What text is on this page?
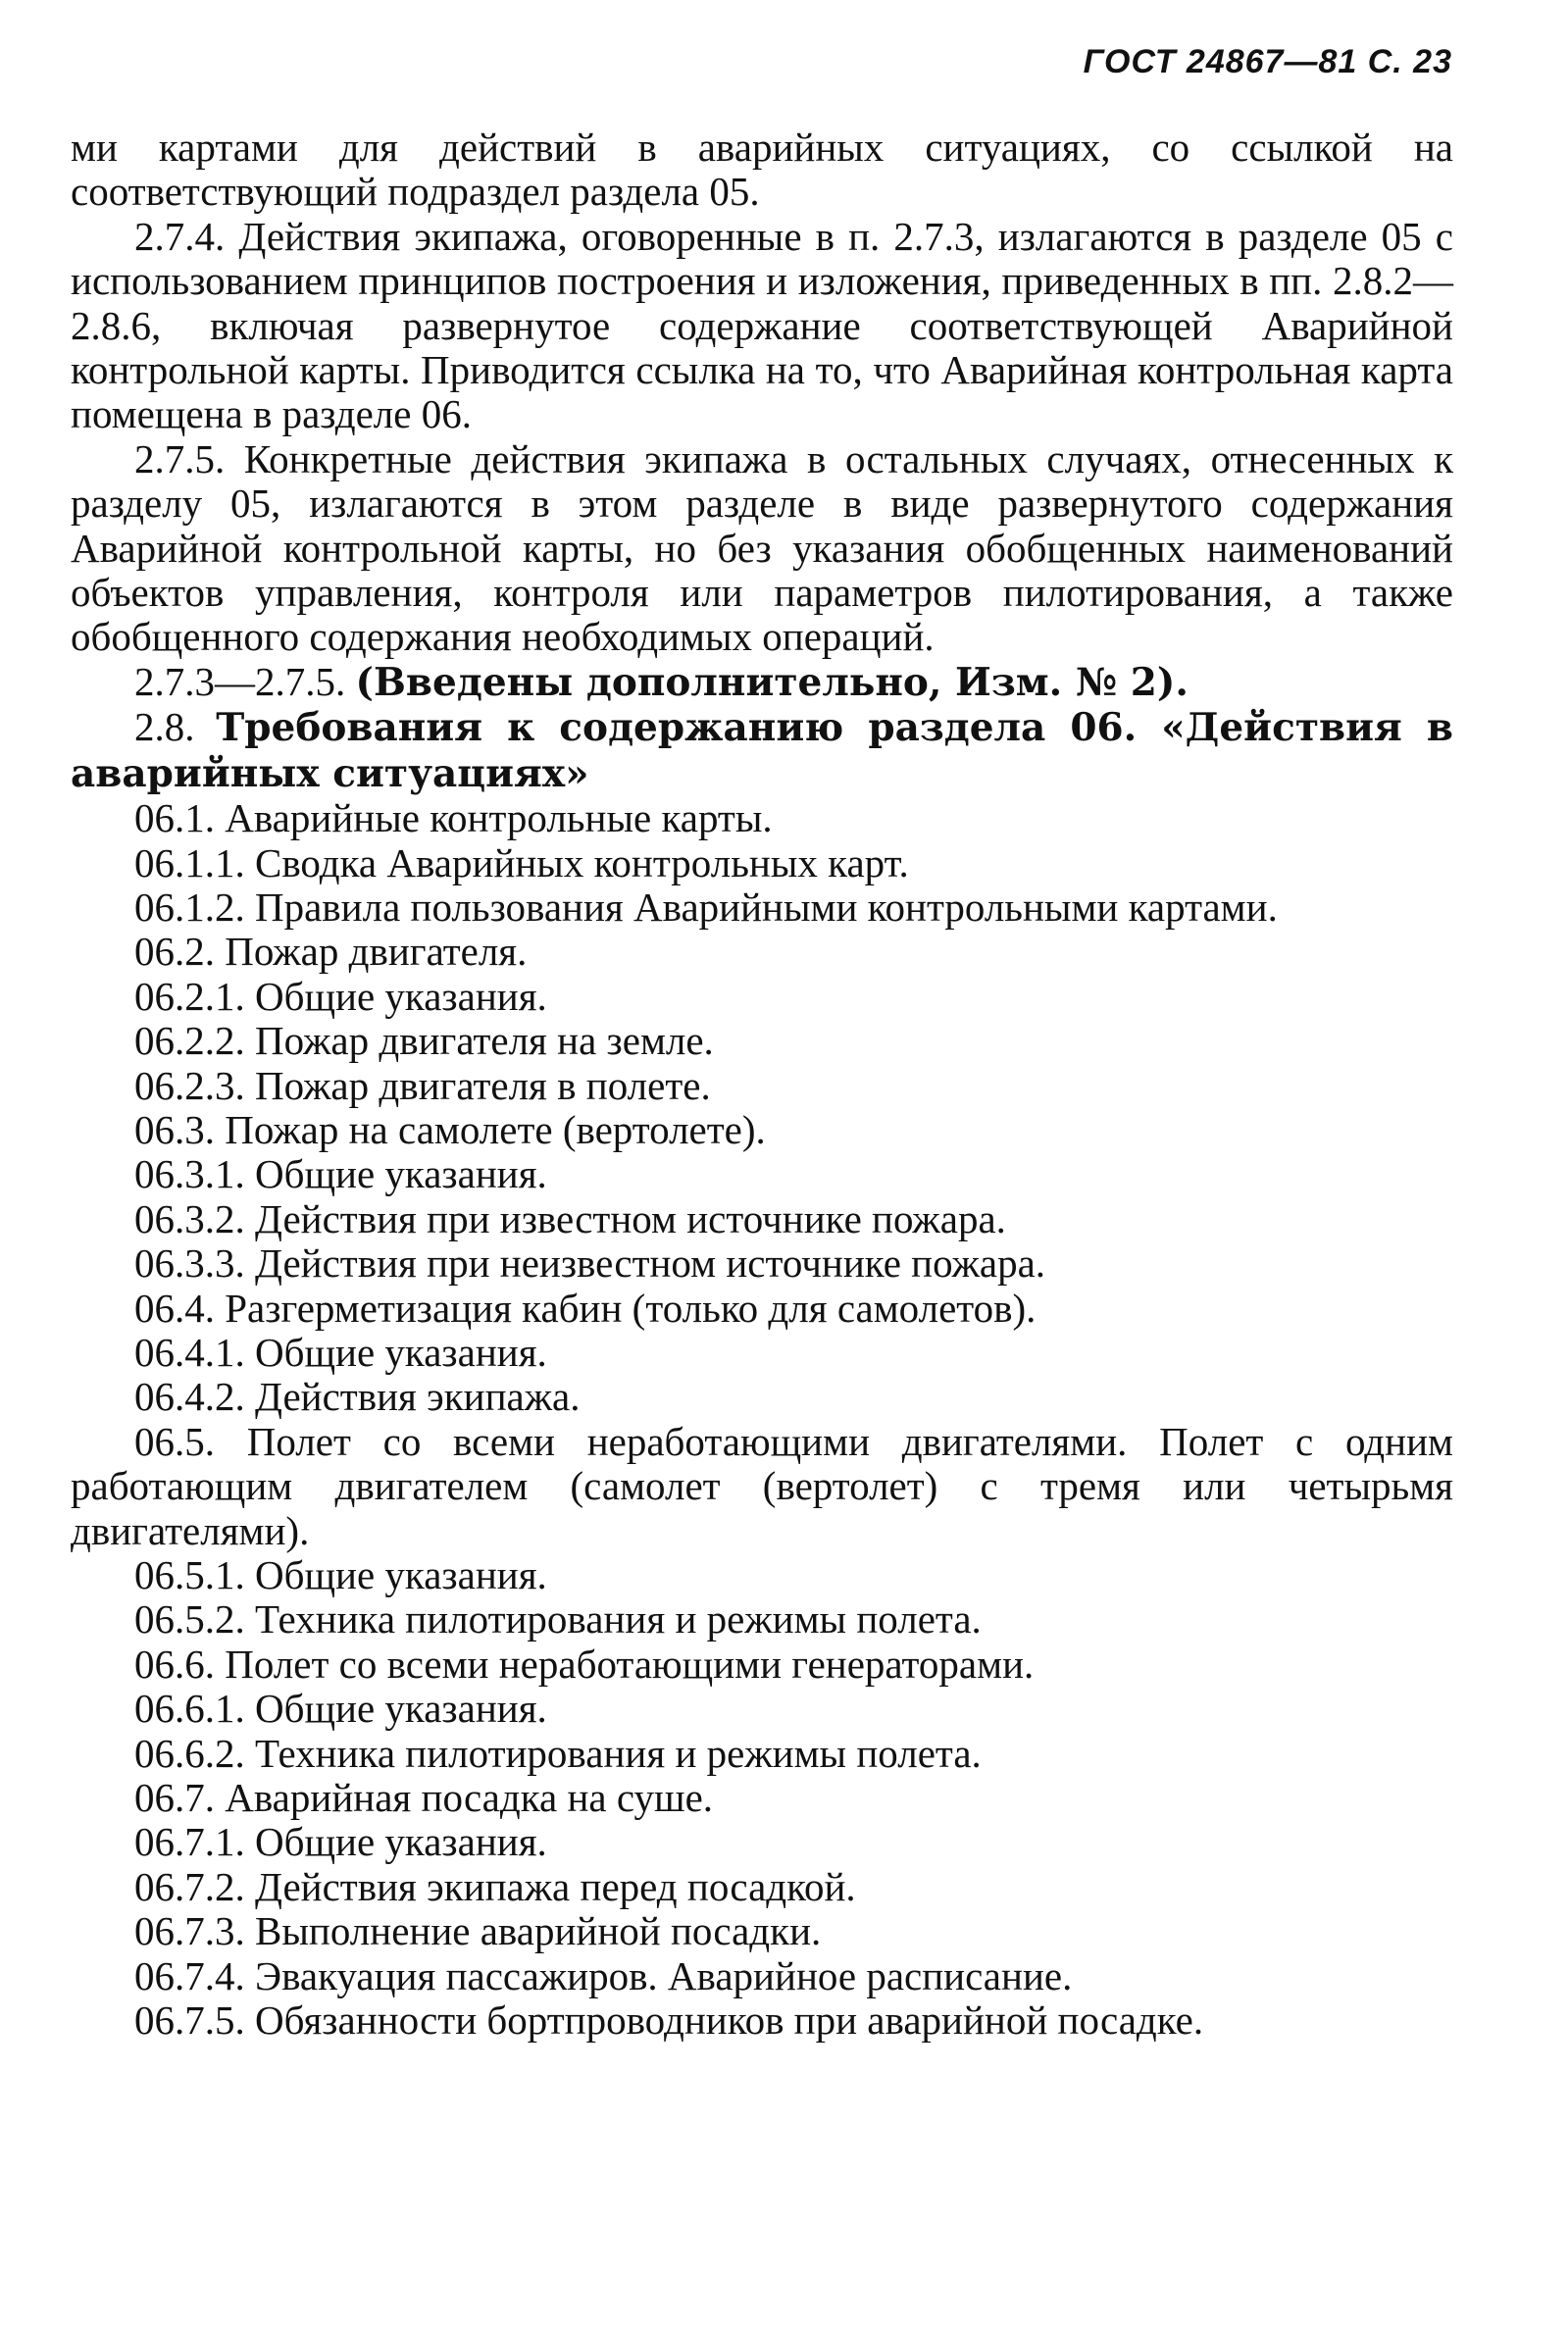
ГОСТ 24867—81 С. 23

ми картами для действий в аварийных ситуациях, со ссылкой на соответствующий подраздел раздела 05.

2.7.4. Действия экипажа, оговоренные в п. 2.7.3, излагаются в разделе 05 с использованием принципов построения и изложения, приведенных в пп. 2.8.2—2.8.6, включая развернутое содержание соответствующей Аварийной контрольной карты. Приводится ссылка на то, что Аварийная контрольная карта помещена в разделе 06.

2.7.5. Конкретные действия экипажа в остальных случаях, отнесенных к разделу 05, излагаются в этом разделе в виде развернутого содержания Аварийной контрольной карты, но без указания обобщенных наименований объектов управления, контроля или параметров пилотирования, а также обобщенного содержания необходимых операций.

2.7.3—2.7.5. (Введены дополнительно, Изм. № 2).

2.8. Требования к содержанию раздела 06. «Действия в аварийных ситуациях»

06.1. Аварийные контрольные карты.

06.1.1. Сводка Аварийных контрольных карт.

06.1.2. Правила пользования Аварийными контрольными картами.

06.2. Пожар двигателя.

06.2.1. Общие указания.

06.2.2. Пожар двигателя на земле.

06.2.3. Пожар двигателя в полете.

06.3. Пожар на самолете (вертолете).

06.3.1. Общие указания.

06.3.2. Действия при известном источнике пожара.

06.3.3. Действия при неизвестном источнике пожара.

06.4. Разгерметизация кабин (только для самолетов).

06.4.1. Общие указания.

06.4.2. Действия экипажа.

06.5. Полет со всеми неработающими двигателями. Полет с одним работающим двигателем (самолет (вертолет) с тремя или четырьмя двигателями).

06.5.1. Общие указания.

06.5.2. Техника пилотирования и режимы полета.

06.6. Полет со всеми неработающими генераторами.

06.6.1. Общие указания.

06.6.2. Техника пилотирования и режимы полета.

06.7. Аварийная посадка на суше.

06.7.1. Общие указания.

06.7.2. Действия экипажа перед посадкой.

06.7.3. Выполнение аварийной посадки.

06.7.4. Эвакуация пассажиров. Аварийное расписание.

06.7.5. Обязанности бортпроводников при аварийной посадке.
